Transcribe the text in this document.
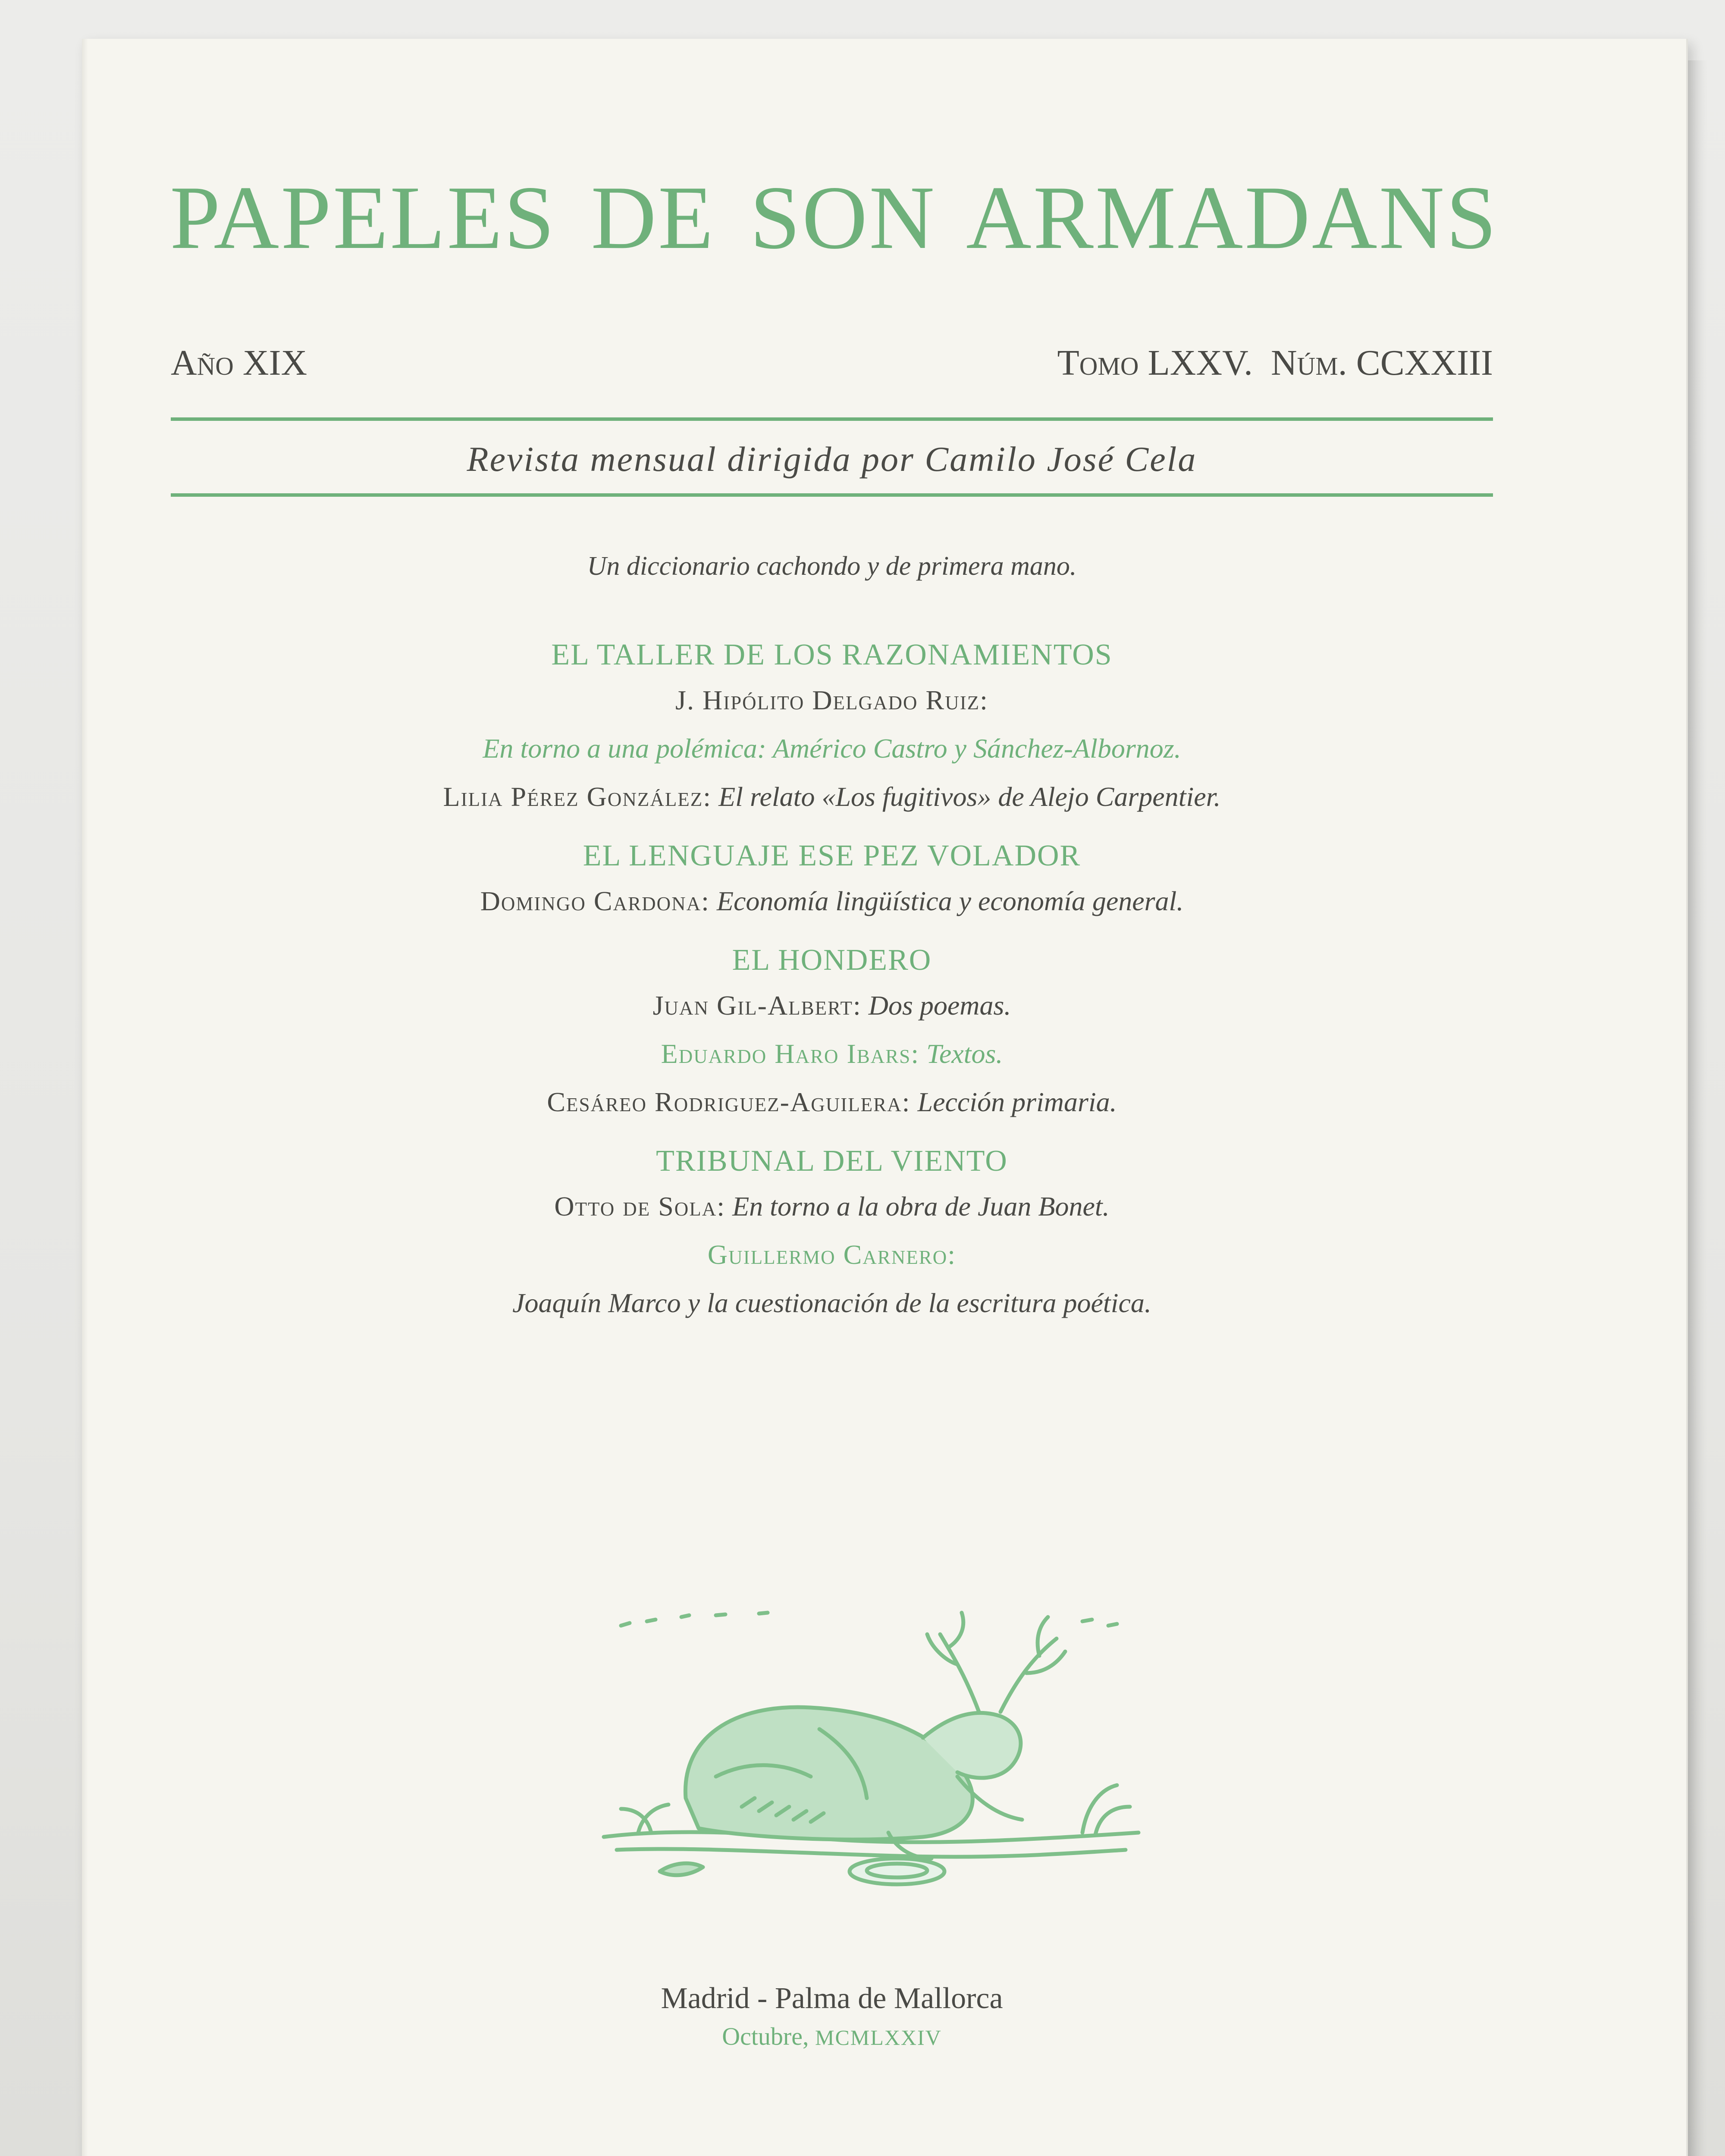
PAPELES DE SON ARMADANS
Año XIX	Tomo LXXV. Núm. CCXXIII
Revista mensual dirigida por Camilo José Cela
Un diccionario cachondo y de primera mano.
EL TALLER DE LOS RAZONAMIENTOS
J. Hipólito Delgado Ruiz:
En torno a una polémica: Américo Castro y Sánchez-Albornoz.
Lilia Pérez González: El relato «Los fugitivos» de Alejo Carpentier.
EL LENGUAJE ESE PEZ VOLADOR
Domingo Cardona: Economía lingüística y economía general.
EL HONDERO
Juan Gil-Albert: Dos poemas.
Eduardo Haro Ibars: Textos.
Cesáreo Rodriguez-Aguilera: Lección primaria.
TRIBUNAL DEL VIENTO
Otto de Sola: En torno a la obra de Juan Bonet.
Guillermo Carnero:
Joaquín Marco y la cuestionación de la escritura poética.
Madrid - Palma de Mallorca
Octubre, MCMLXXIV
